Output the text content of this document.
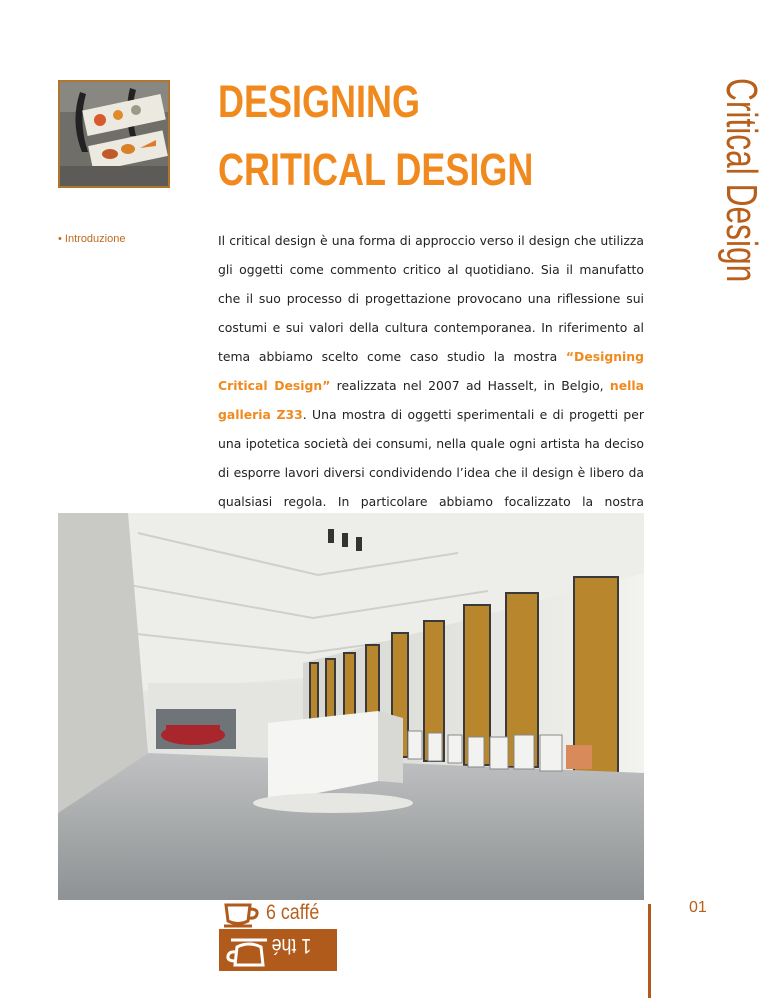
DESIGNING
CRITICAL DESIGN	Critical Design
• Introduzione	Il critical design è una forma di approccio verso il design che utilizza gli oggetti come commento critico al quotidiano. Sia il manufatto che il suo processo di progettazione provocano una riflessione sui costumi e sui valori della cultura contemporanea. In riferimento al tema abbiamo scelto come caso studio la mostra “Designing Critical Design” realizzata nel 2007 ad Hasselt, in Belgio, nella galleria Z33. Una mostra di oggetti sperimentali e di progetti per una ipotetica società dei consumi, nella quale ogni artista ha deciso di esporre lavori diversi condividendo l’idea che il design è libero da qualsiasi regola. In particolare abbiamo focalizzato la nostra

6 caffé
1 thé
01
